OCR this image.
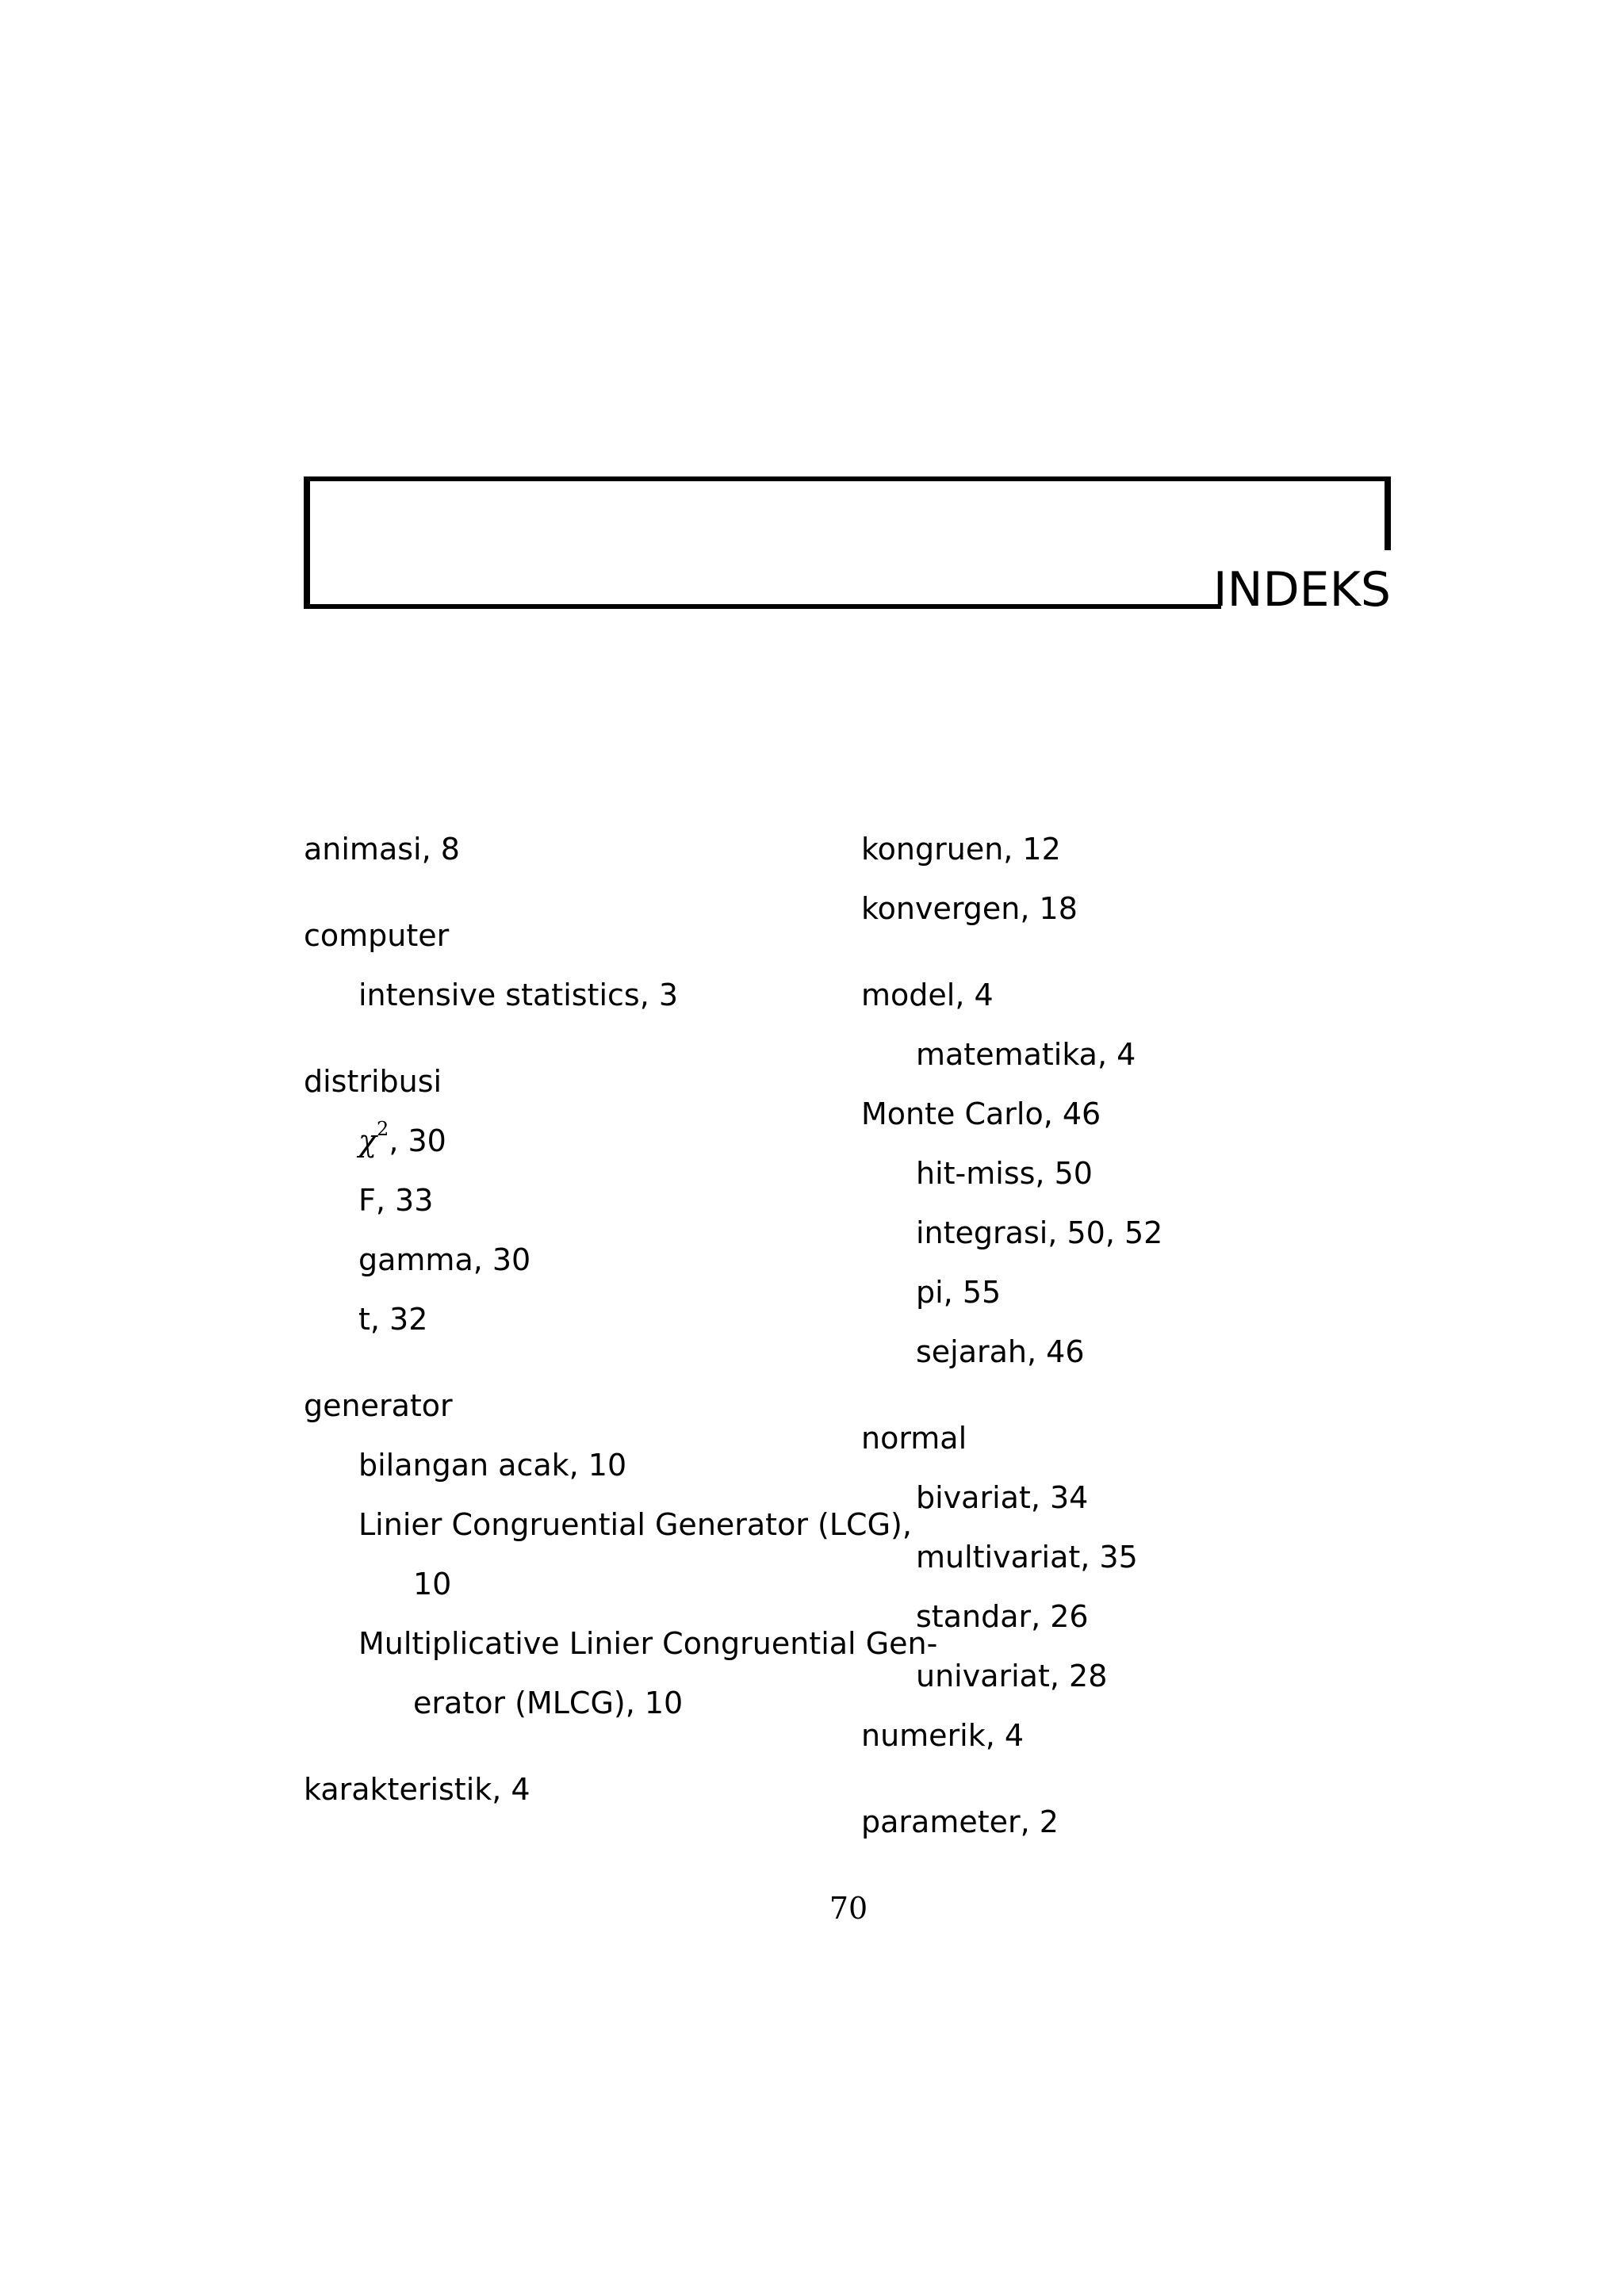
INDEKS
animasi, 8
computer
intensive statistics, 3
distribusi
$\chi^2$, 30
F, 33
gamma, 30
t, 32
generator
bilangan acak, 10
Linier Congruential Generator (LCG),
10
Multiplicative Linier Congruential Gen-
erator (MLCG), 10
karakteristik, 4
kongruen, 12
konvergen, 18
model, 4
matematika, 4
Monte Carlo, 46
hit-miss, 50
integrasi, 50, 52
pi, 55
sejarah, 46
normal
bivariat, 34
multivariat, 35
standar, 26
univariat, 28
numerik, 4
parameter, 2
70
